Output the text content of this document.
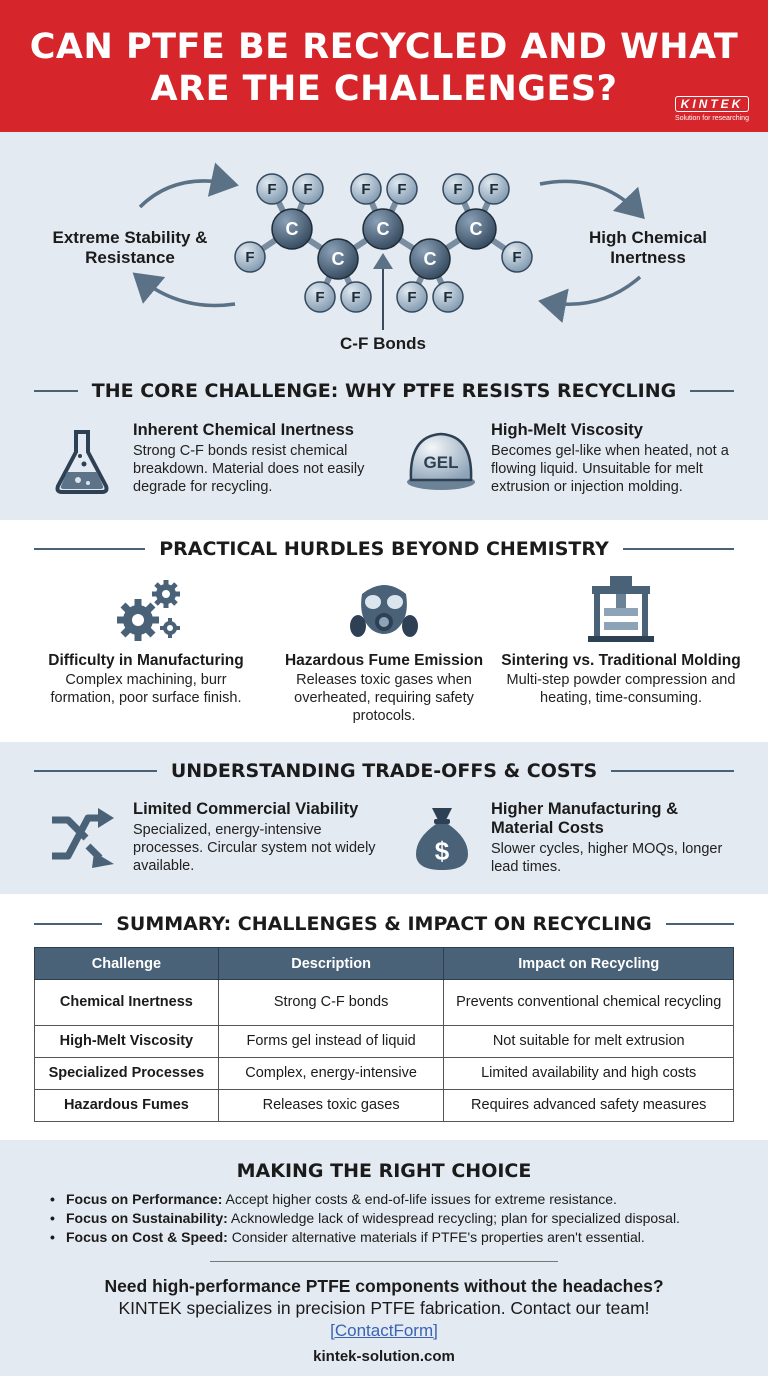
CAN PTFE BE RECYCLED AND WHAT ARE THE CHALLENGES?	KINTEK
Solution for researching
F F
F
F F	F F
F
F F	F F
C
C
C
C
C
Extreme Stability & Resistance
High Chemical Inertness
C-F Bonds
THE CORE CHALLENGE: WHY PTFE RESISTS RECYCLING
Inherent Chemical Inertness
Strong C-F bonds resist chemical breakdown. Material does not easily degrade for recycling.
GEL
High-Melt Viscosity
Becomes gel-like when heated, not a flowing liquid. Unsuitable for melt extrusion or injection molding.
PRACTICAL HURDLES BEYOND CHEMISTRY
Difficulty in Manufacturing
Complex machining, burr formation, poor surface finish.
Hazardous Fume Emission
Releases toxic gases when overheated, requiring safety protocols.
Sintering vs. Traditional Molding
Multi-step powder compression and heating, time-consuming.
UNDERSTANDING TRADE-OFFS & COSTS
Limited Commercial Viability
Specialized, energy-intensive processes. Circular system not widely available.	$
Higher Manufacturing & Material Costs
Slower cycles, higher MOQs, longer lead times.
SUMMARY: CHALLENGES & IMPACT ON RECYCLING
Challenge	Description	Impact on Recycling
Chemical Inertness	Strong C-F bonds	Prevents conventional chemical recycling
High-Melt Viscosity	Forms gel instead of liquid	Not suitable for melt extrusion
Specialized Processes	Complex, energy-intensive	Limited availability and high costs
Hazardous Fumes	Releases toxic gases	Requires advanced safety measures
MAKING THE RIGHT CHOICE
• Focus on Performance: Accept higher costs & end-of-life issues for extreme resistance.
• Focus on Sustainability: Acknowledge lack of widespread recycling; plan for specialized disposal.
• Focus on Cost & Speed: Consider alternative materials if PTFE's properties aren't essential.
Need high-performance PTFE components without the headaches?
KINTEK specializes in precision PTFE fabrication. Contact our team!
[ContactForm]
kintek-solution.com
